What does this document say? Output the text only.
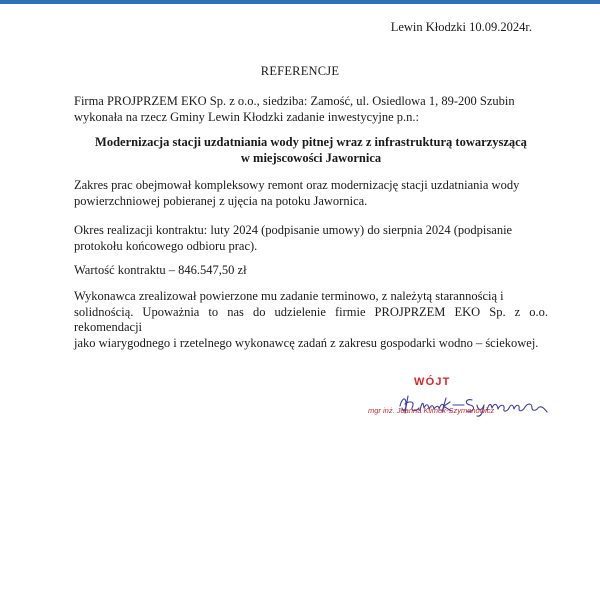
Lewin Kłodzki 10.09.2024r.
REFERENCJE
Firma PROJPRZEM EKO Sp. z o.o., siedziba: Zamość, ul. Osiedlowa 1, 89-200 Szubin
wykonała na rzecz Gminy Lewin Kłodzki zadanie inwestycyjne p.n.:
Modernizacja stacji uzdatniania wody pitnej wraz z infrastrukturą towarzyszącą
w miejscowości Jawornica
Zakres prac obejmował kompleksowy remont oraz modernizację stacji uzdatniania wody
powierzchniowej pobieranej z ujęcia na potoku Jawornica.
Okres realizacji kontraktu: luty 2024 (podpisanie umowy) do sierpnia 2024 (podpisanie
protokołu końcowego odbioru prac).
Wartość kontraktu – 846.547,50 zł
Wykonawca zrealizował powierzone mu zadanie terminowo, z należytą starannością i
solidnością. Upoważnia to nas do udzielenie firmie PROJPRZEM EKO Sp. z o.o. rekomendacji
jako wiarygodnego i rzetelnego wykonawcę zadań z zakresu gospodarki wodno – ściekowej.
WÓJT
mgr inż. Joanna Klimek-Szymanowicz
